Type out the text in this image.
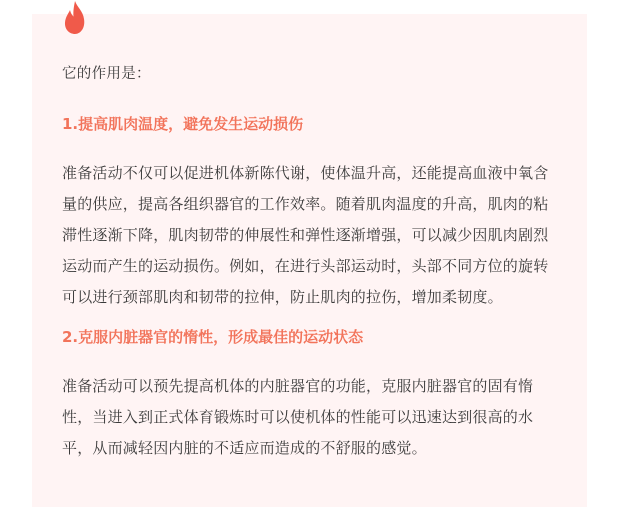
它的作用是：
1.提高肌肉温度，避免发生运动损伤
准备活动不仅可以促进机体新陈代谢，使体温升高，还能提高血液中氧含量的供应，提高各组织器官的工作效率。随着肌肉温度的升高，肌肉的粘滞性逐渐下降，肌肉韧带的伸展性和弹性逐渐增强，可以减少因肌肉剧烈运动而产生的运动损伤。例如，在进行头部运动时，头部不同方位的旋转可以进行颈部肌肉和韧带的拉伸，防止肌肉的拉伤，增加柔韧度。
2.克服内脏器官的惰性，形成最佳的运动状态
准备活动可以预先提高机体的内脏器官的功能，克服内脏器官的固有惰性，当进入到正式体育锻炼时可以使机体的性能可以迅速达到很高的水平，从而减轻因内脏的不适应而造成的不舒服的感觉。
